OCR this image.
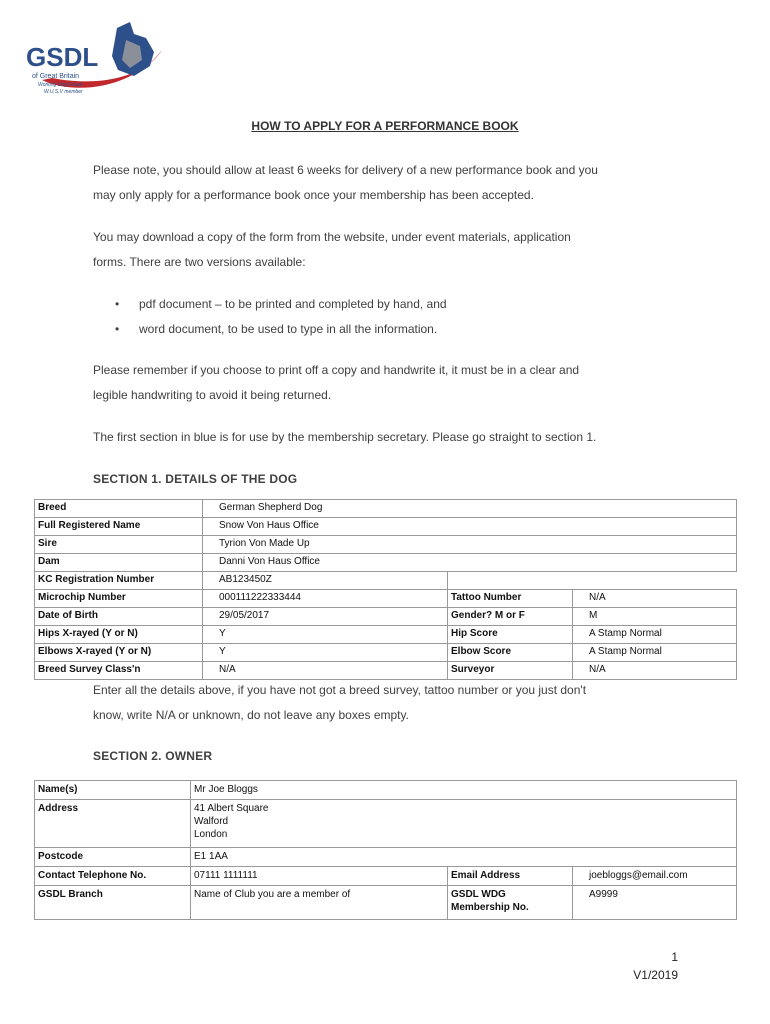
GSDL
of Great Britain
Working Dog Group
W.U.S.V member
HOW TO APPLY FOR A PERFORMANCE BOOK

Please note, you should allow at least 6 weeks for delivery of a new performance book and you
may only apply for a performance book once your membership has been accepted.

You may download a copy of the form from the website, under event materials, application
forms. There are two versions available:

• pdf document – to be printed and completed by hand, and
• word document, to be used to type in all the information.

Please remember if you choose to print off a copy and handwrite it, it must be in a clear and
legible handwriting to avoid it being returned.

The first section in blue is for use by the membership secretary. Please go straight to section 1.

SECTION 1. DETAILS OF THE DOG
Breed	German Shepherd Dog		
Full Registered Name	Snow Von Haus Office		
Sire	Tyrion Von Made Up		
Dam	Danni Von Haus Office		
KC Registration Number	AB123450Z		
Microchip Number	000111222333444	Tattoo Number	N/A
Date of Birth	29/05/2017	Gender? M or F	M
Hips X-rayed (Y or N)	Y	Hip Score	A Stamp Normal
Elbows X-rayed (Y or N)	Y	Elbow Score	A Stamp Normal
Breed Survey Class'n	N/A	Surveyor	N/A

Enter all the details above, if you have not got a breed survey, tattoo number or you just don't
know, write N/A or unknown, do not leave any boxes empty.

SECTION 2. OWNER
Name(s)	Mr Joe Bloggs		
Address	41 Albert Square
Walford
London		
Postcode	E1 1AA		
Contact Telephone No.	07111 1111111	Email Address	joebloggs@email.com
GSDL Branch	Name of Club you are a member of	GSDL WDG
Membership No.	A9999
1
V1/2019
